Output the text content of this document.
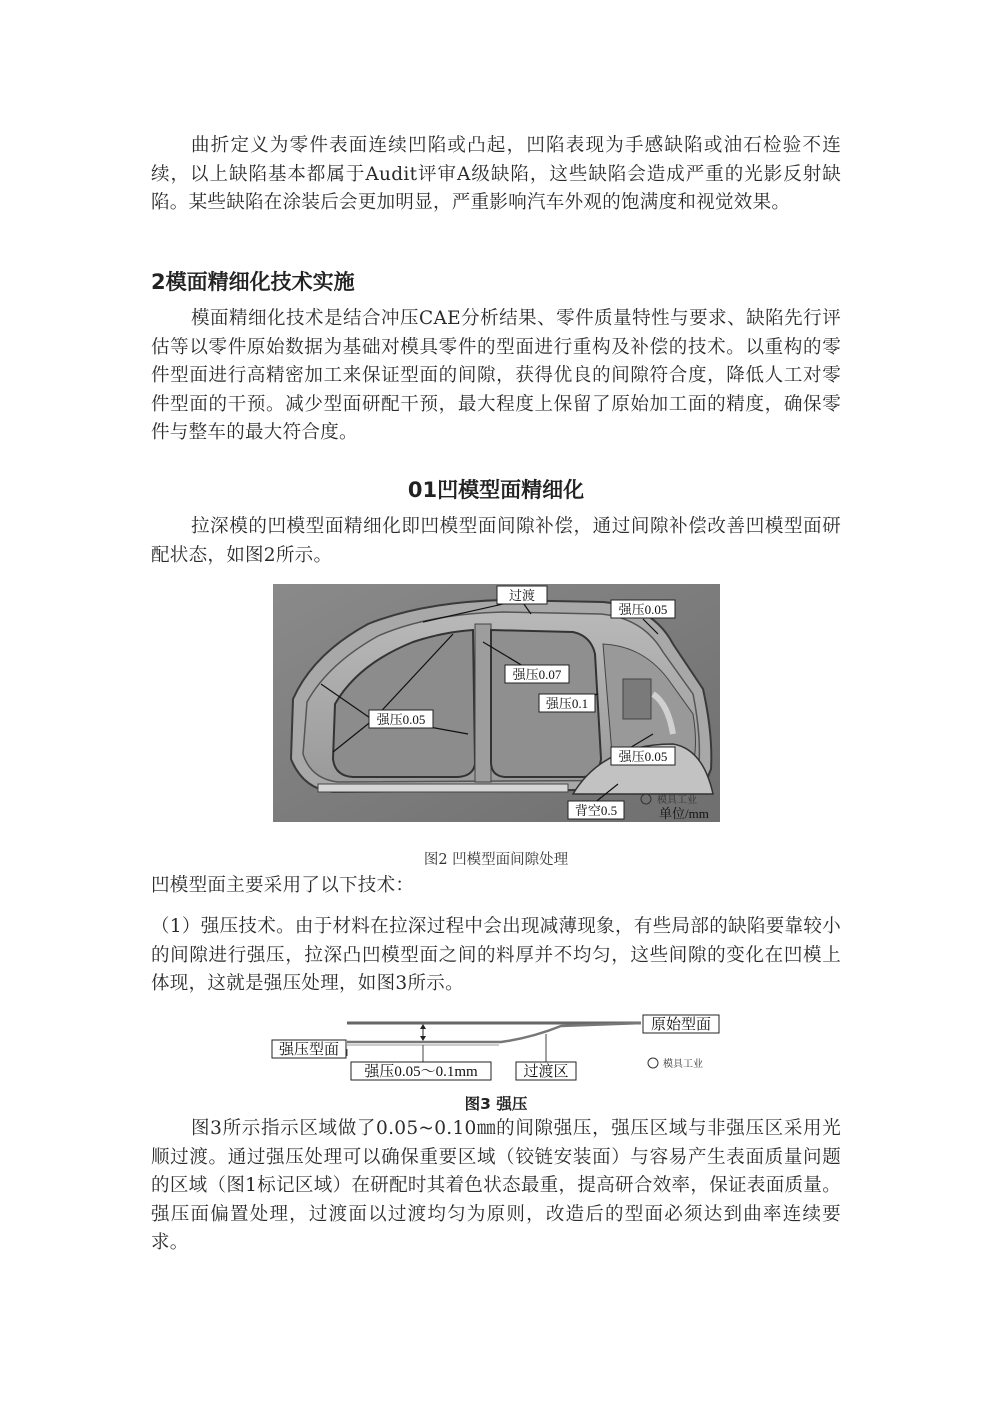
曲折定义为零件表面连续凹陷或凸起，凹陷表现为手感缺陷或油石检验不连续，以上缺陷基本都属于Audit评审A级缺陷，这些缺陷会造成严重的光影反射缺陷。某些缺陷在涂装后会更加明显，严重影响汽车外观的饱满度和视觉效果。

2模面精细化技术实施

模面精细化技术是结合冲压CAE分析结果、零件质量特性与要求、缺陷先行评估等以零件原始数据为基础对模具零件的型面进行重构及补偿的技术。以重构的零件型面进行高精密加工来保证型面的间隙，获得优良的间隙符合度，降低人工对零件型面的干预。减少型面研配干预，最大程度上保留了原始加工面的精度，确保零件与整车的最大符合度。

01凹模型面精细化

拉深模的凹模型面精细化即凹模型面间隙补偿，通过间隙补偿改善凹模型面研配状态，如图2所示。

过渡
强压0.05
强压0.07
强压0.1
强压0.05
强压0.05
背空0.5
模具工业
单位/mm

图2 凹模型面间隙处理

凹模型面主要采用了以下技术：

（1）强压技术。由于材料在拉深过程中会出现减薄现象，有些局部的缺陷要靠较小的间隙进行强压，拉深凸凹模型面之间的料厚并不均匀，这些间隙的变化在凹模上体现，这就是强压处理，如图3所示。

原始型面
强压型面
强压0.05～0.1mm	过渡区	模具工业

图3 强压

图3所示指示区域做了0.05~0.10㎜的间隙强压，强压区域与非强压区采用光顺过渡。通过强压处理可以确保重要区域（铰链安装面）与容易产生表面质量问题的区域（图1标记区域）在研配时其着色状态最重，提高研合效率，保证表面质量。强压面偏置处理，过渡面以过渡均匀为原则，改造后的型面必须达到曲率连续要求。
